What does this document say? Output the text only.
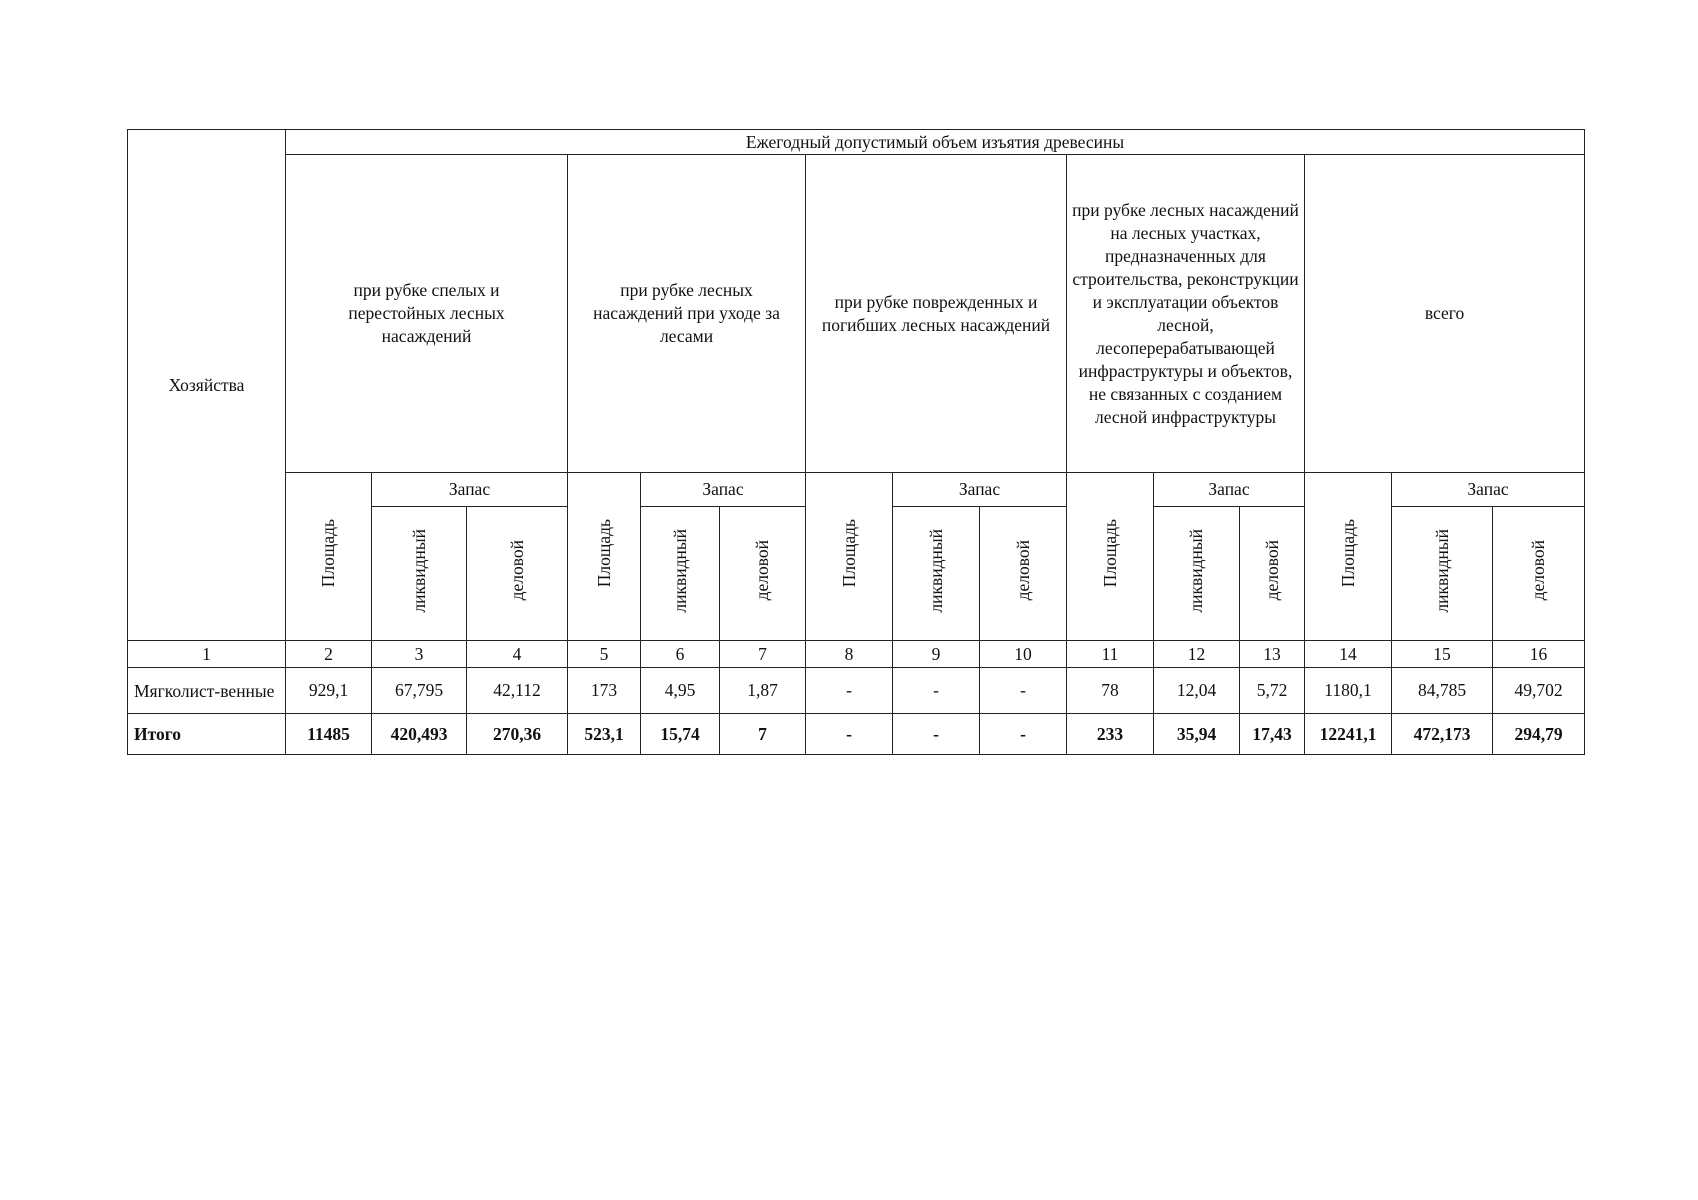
Хозяйства	Ежегодный допустимый объем изъятия древесины														
	при рубке спелых и перестойных лесных насаждений			при рубке лесных насаждений при уходе за лесами			при рубке поврежденных и погибших лесных насаждений			при рубке лесных насаждений на лесных участках, предназначенных для строительства, реконструкции и эксплуатации объектов лесной, лесоперерабатывающей инфраструктуры и объектов, не связанных с созданием лесной инфраструктуры			всего		
	Площадь	Запас		Площадь	Запас		Площадь	Запас		Площадь	Запас		Площадь	Запас	
		ликвидный	деловой		ликвидный	деловой		ликвидный	деловой		ликвидный	деловой		ликвидный	деловой
1	2	3	4	5	6	7	8	9	10	11	12	13	14	15	16
Мягколист-венные	929,1	67,795	42,112	173	4,95	1,87	-	-	-	78	12,04	5,72	1180,1	84,785	49,702
Итого	11485	420,493	270,36	523,1	15,74	7	-	-	-	233	35,94	17,43	12241,1	472,173	294,79
